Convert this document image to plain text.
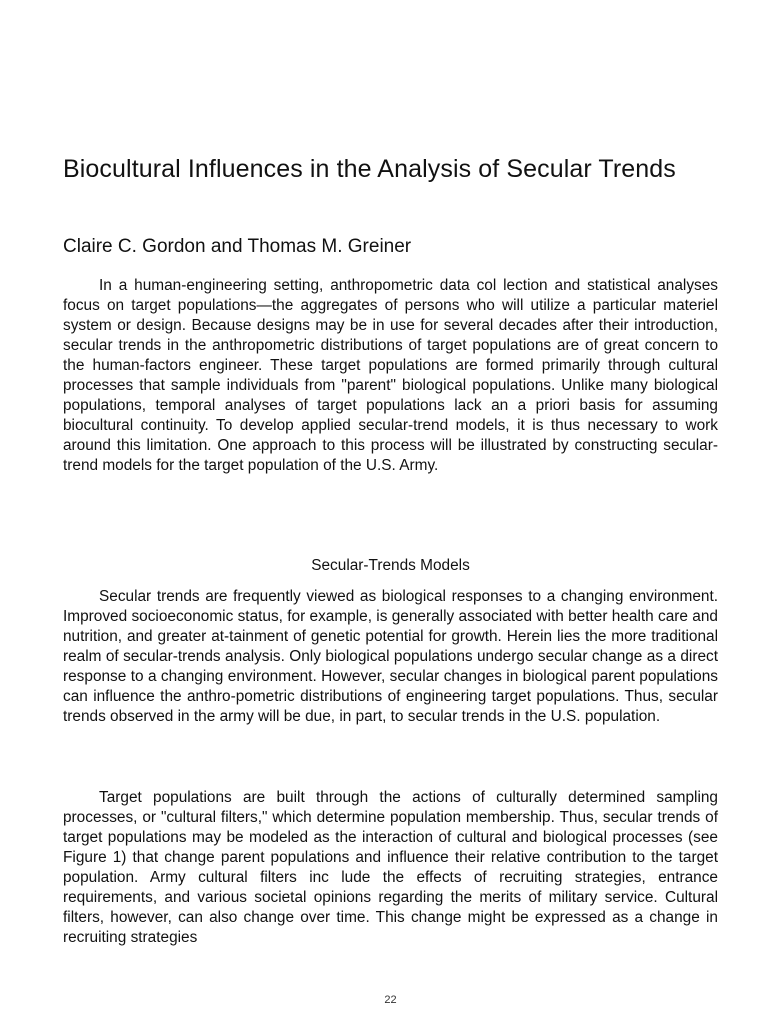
Biocultural Influences in the Analysis of Secular Trends
Claire C. Gordon and Thomas M. Greiner

In a human-engineering setting, anthropometric data col lection and statistical analyses focus on target populations—the aggregates of persons who will utilize a particular materiel system or design. Because designs may be in use for several decades after their introduction, secular trends in the anthropometric distributions of target populations are of great concern to the human-factors engineer. These target populations are formed primarily through cultural processes that sample individuals from "parent" biological populations. Unlike many biological populations, temporal analyses of target populations lack an a priori basis for assuming biocultural continuity. To develop applied secular-trend models, it is thus necessary to work around this limitation. One approach to this process will be illustrated by constructing secular-trend models for the target population of the U.S. Army.

Secular-Trends Models

Secular trends are frequently viewed as biological responses to a changing environment. Improved socioeconomic status, for example, is generally associated with better health care and nutrition, and greater at-tainment of genetic potential for growth. Herein lies the more traditional realm of secular-trends analysis. Only biological populations undergo secular change as a direct response to a changing environment. However, secular changes in biological parent populations can influence the anthro-pometric distributions of engineering target populations. Thus, secular trends observed in the army will be due, in part, to secular trends in the U.S. population.

Target populations are built through the actions of culturally determined sampling processes, or "cultural filters," which determine population membership. Thus, secular trends of target populations may be modeled as the interaction of cultural and biological processes (see Figure 1) that change parent populations and influence their relative contribution to the target population. Army cultural filters inc lude the effects of recruiting strategies, entrance requirements, and various societal opinions regarding the merits of military service. Cultural filters, however, can also change over time. This change might be expressed as a change in recruiting strategies

22
